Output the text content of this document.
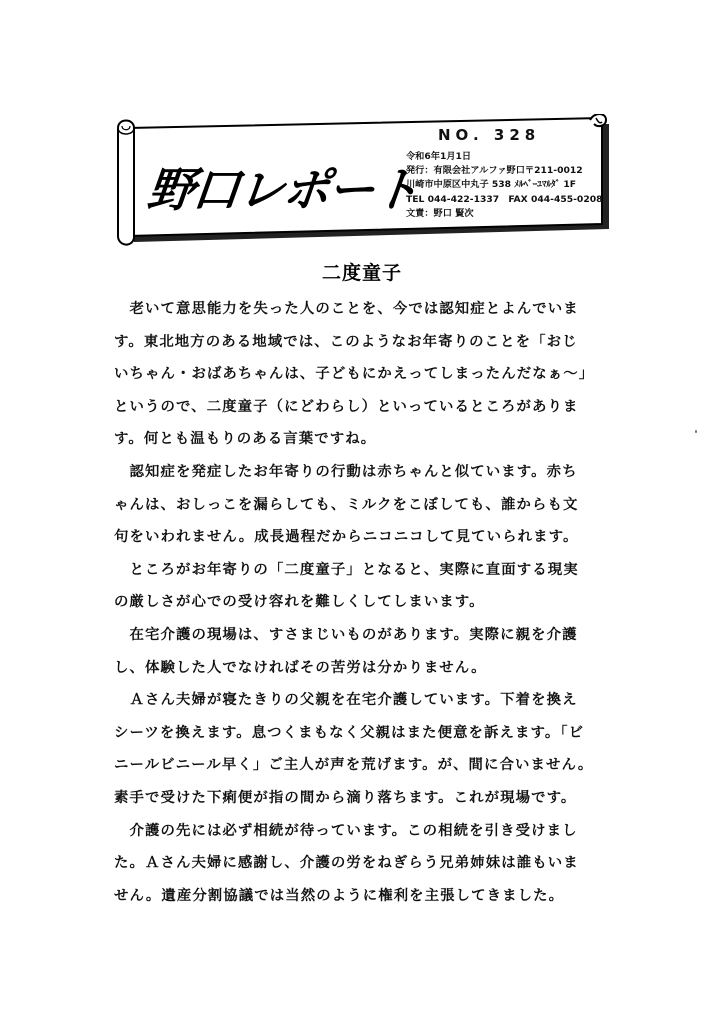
NO. 328
野口レポート
令和6年1月1日
発行：有限会社アルファ野口〒211-0012
川崎市中原区中丸子 538 ﾒﾙﾍﾞｰﾕﾏﾙﾀﾞ 1F
TEL 044-422-1337　FAX 044-455-0208
文責：野口 賢次
二度童子
　老いて意思能力を失った人のことを、今では認知症とよんでいま
す。東北地方のある地域では、このようなお年寄りのことを「おじ
いちゃん・おばあちゃんは、子どもにかえってしまったんだなぁ～」
というので、二度童子（にどわらし）といっているところがありま
す。何とも温もりのある言葉ですね。
　認知症を発症したお年寄りの行動は赤ちゃんと似ています。赤ち
ゃんは、おしっこを漏らしても、ミルクをこぼしても、誰からも文
句をいわれません。成長過程だからニコニコして見ていられます。
　ところがお年寄りの「二度童子」となると、実際に直面する現実
の厳しさが心での受け容れを難しくしてしまいます。
　在宅介護の現場は、すさまじいものがあります。実際に親を介護
し、体験した人でなければその苦労は分かりません。
　Ａさん夫婦が寝たきりの父親を在宅介護しています。下着を換え
シーツを換えます。息つくまもなく父親はまた便意を訴えます。「ビ
ニールビニール早く」ご主人が声を荒げます。が、間に合いません。
素手で受けた下痢便が指の間から滴り落ちます。これが現場です。
　介護の先には必ず相続が待っています。この相続を引き受けまし
た。Ａさん夫婦に感謝し、介護の労をねぎらう兄弟姉妹は誰もいま
せん。遺産分割協議では当然のように権利を主張してきました。
